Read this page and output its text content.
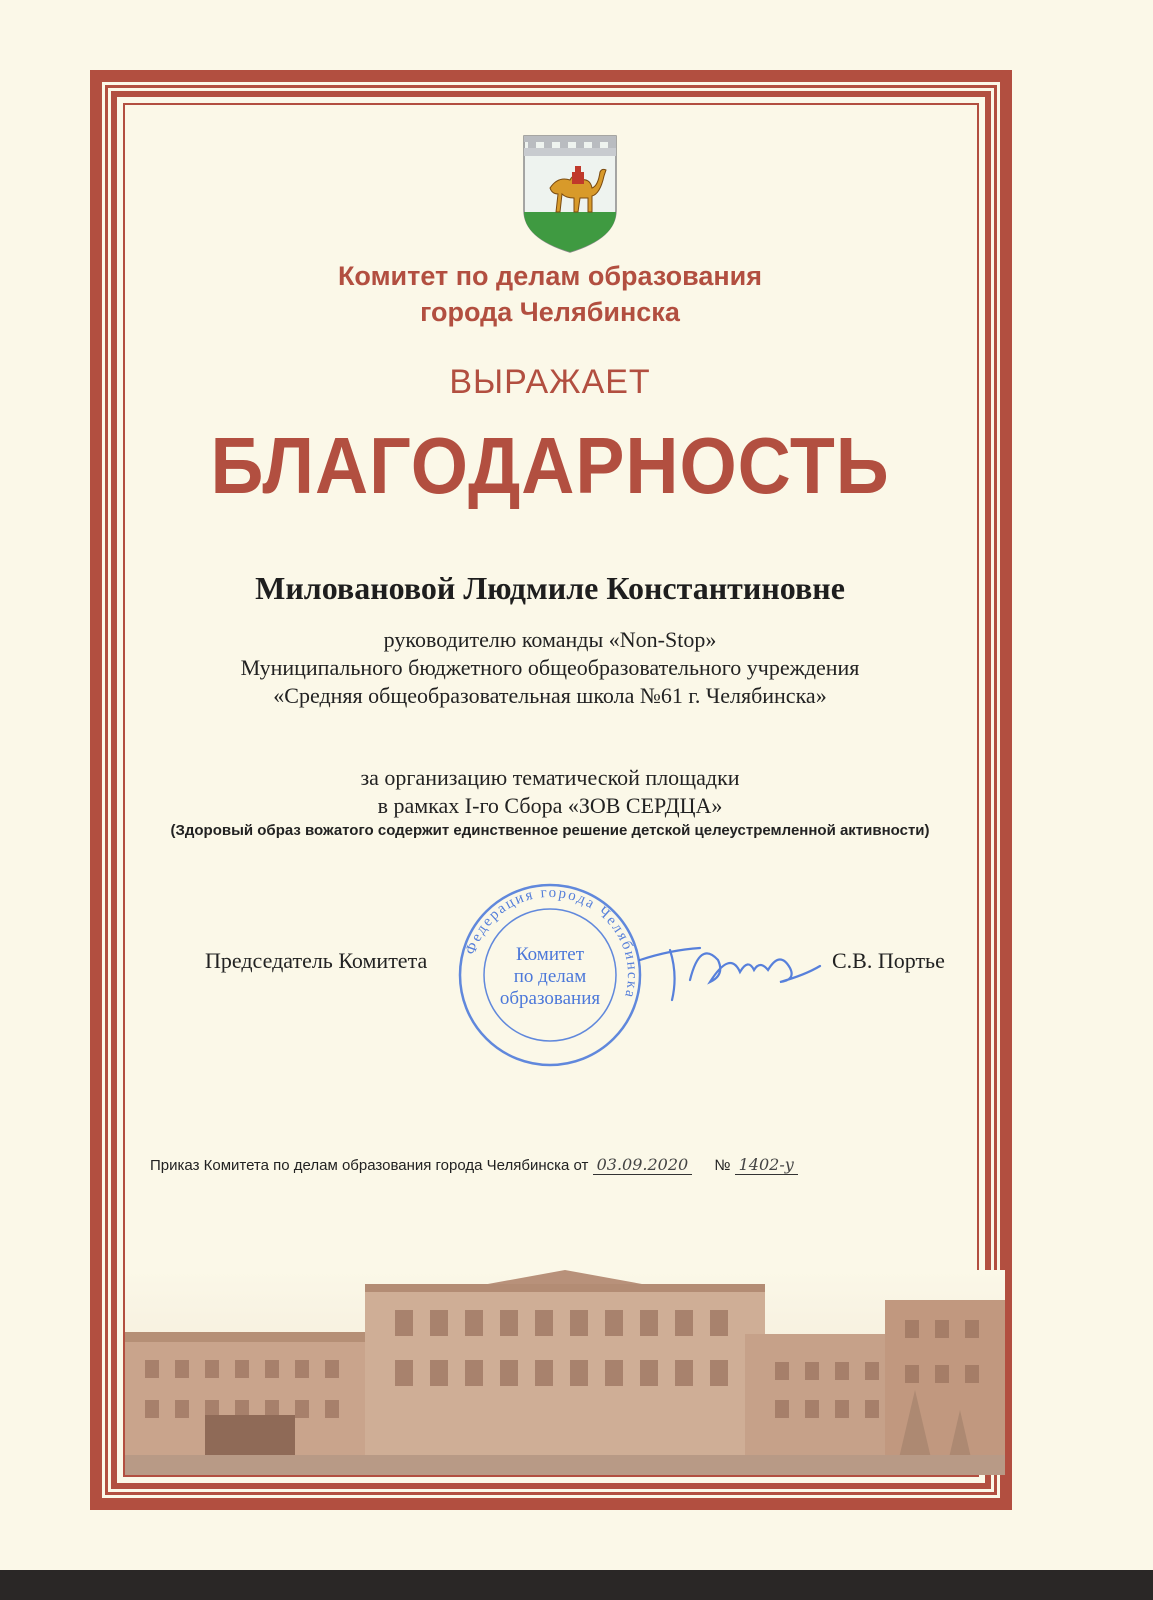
Комитет по делам образования
города Челябинска
ВЫРАЖАЕТ
БЛАГОДАРНОСТЬ
Миловановой Людмиле Константиновне
руководителю команды «Non-Stop»
Муниципального бюджетного общеобразовательного учреждения
«Средняя общеобразовательная школа №61 г. Челябинска»
за организацию тематической площадки
в рамках I-го Сбора «ЗОВ СЕРДЦА»
(Здоровый образ вожатого содержит единственное решение детской целеустремленной активности)
Председатель Комитета
Федерация города Челябинска
Комитет
по делам
образования
С.В. Портье
Приказ Комитета по делам образования города Челябинска от 03.09.2020 № 1402-у
